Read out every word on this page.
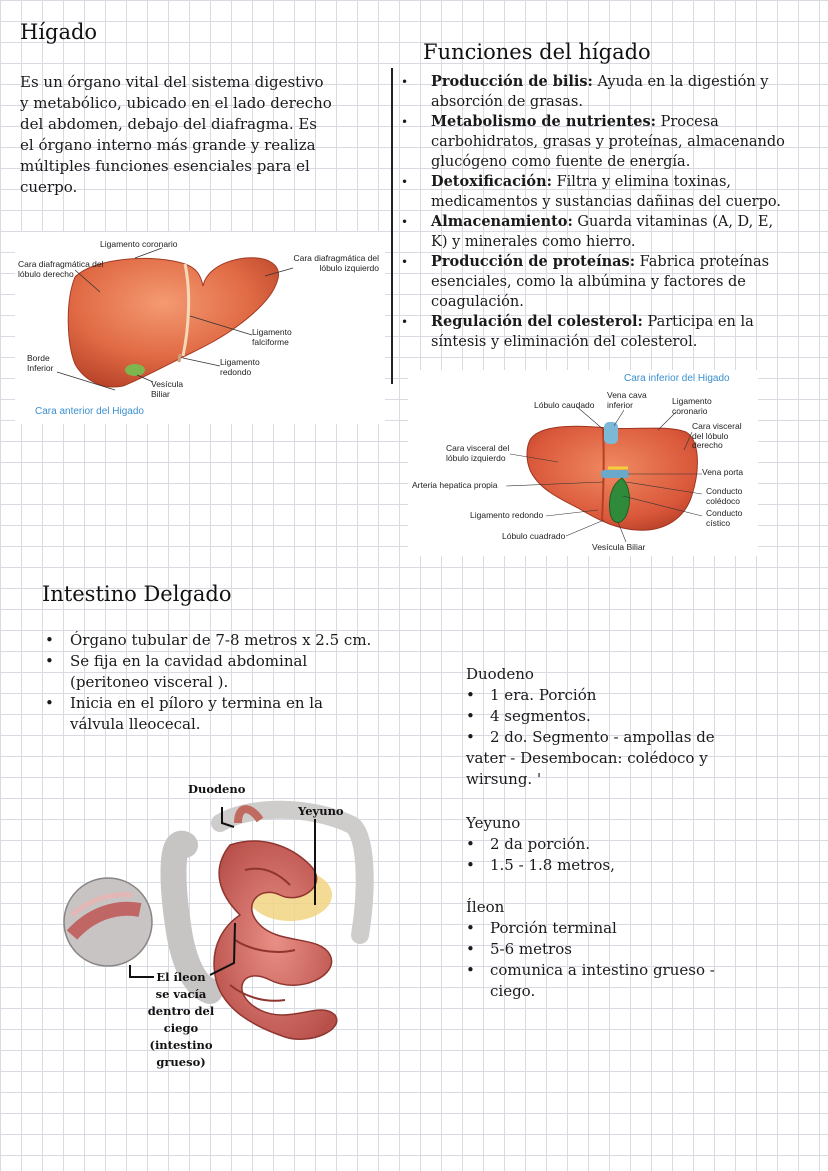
Hígado
Es un órgano vital del sistema digestivo
y metabólico, ubicado en el lado derecho
del abdomen, debajo del diafragma. Es
el órgano interno más grande y realiza
múltiples funciones esenciales para el
cuerpo.
Ligamento coronario
Cara diafragmática del lóbulo derecho
Cara diafragmática del lóbulo izquierdo
Ligamento falciforme
Ligamento redondo
Borde Inferior
Vesícula Biliar
Cara anterior del Higado
Funciones del hígado
• Producción de bilis: Ayuda en la digestión y
absorción de grasas.
• Metabolismo de nutrientes: Procesa
carbohidratos, grasas y proteínas, almacenando
glucógeno como fuente de energía.
• Detoxificación: Filtra y elimina toxinas,
medicamentos y sustancias dañinas del cuerpo.
• Almacenamiento: Guarda vitaminas (A, D, E,
K) y minerales como hierro.
• Producción de proteínas: Fabrica proteínas
esenciales, como la albúmina y factores de
coagulación.
• Regulación del colesterol: Participa en la
síntesis y eliminación del colesterol.
Cara inferior del Higado
Lóbulo caudado
Vena cava inferior	Ligamento coronario
Cara visceral del lóbulo derecho
Cara visceral del lóbulo izquierdo
Vena porta
Arteria hepatica propia
Conducto colédoco
Conducto cístico
Ligamento redondo
Lóbulo cuadrado
Vesícula Biliar
Intestino Delgado
• Órgano tubular de 7-8 metros x 2.5 cm.
• Se fija en la cavidad abdominal
(peritoneo visceral ).
• Inicia en el píloro y termina en la
válvula lleocecal.
Duodeno
Yeyuno
El íleon
se vacía
dentro del
ciego
(intestino
grueso)
Duodeno
• 1 era. Porción
• 4 segmentos.
• 2 do. Segmento - ampollas de
vater - Desembocan: colédoco y
wirsung. '
Yeyuno
• 2 da porción.
• 1.5 - 1.8 metros,
Íleon
• Porción terminal
• 5-6 metros
• comunica a intestino grueso -
ciego.
